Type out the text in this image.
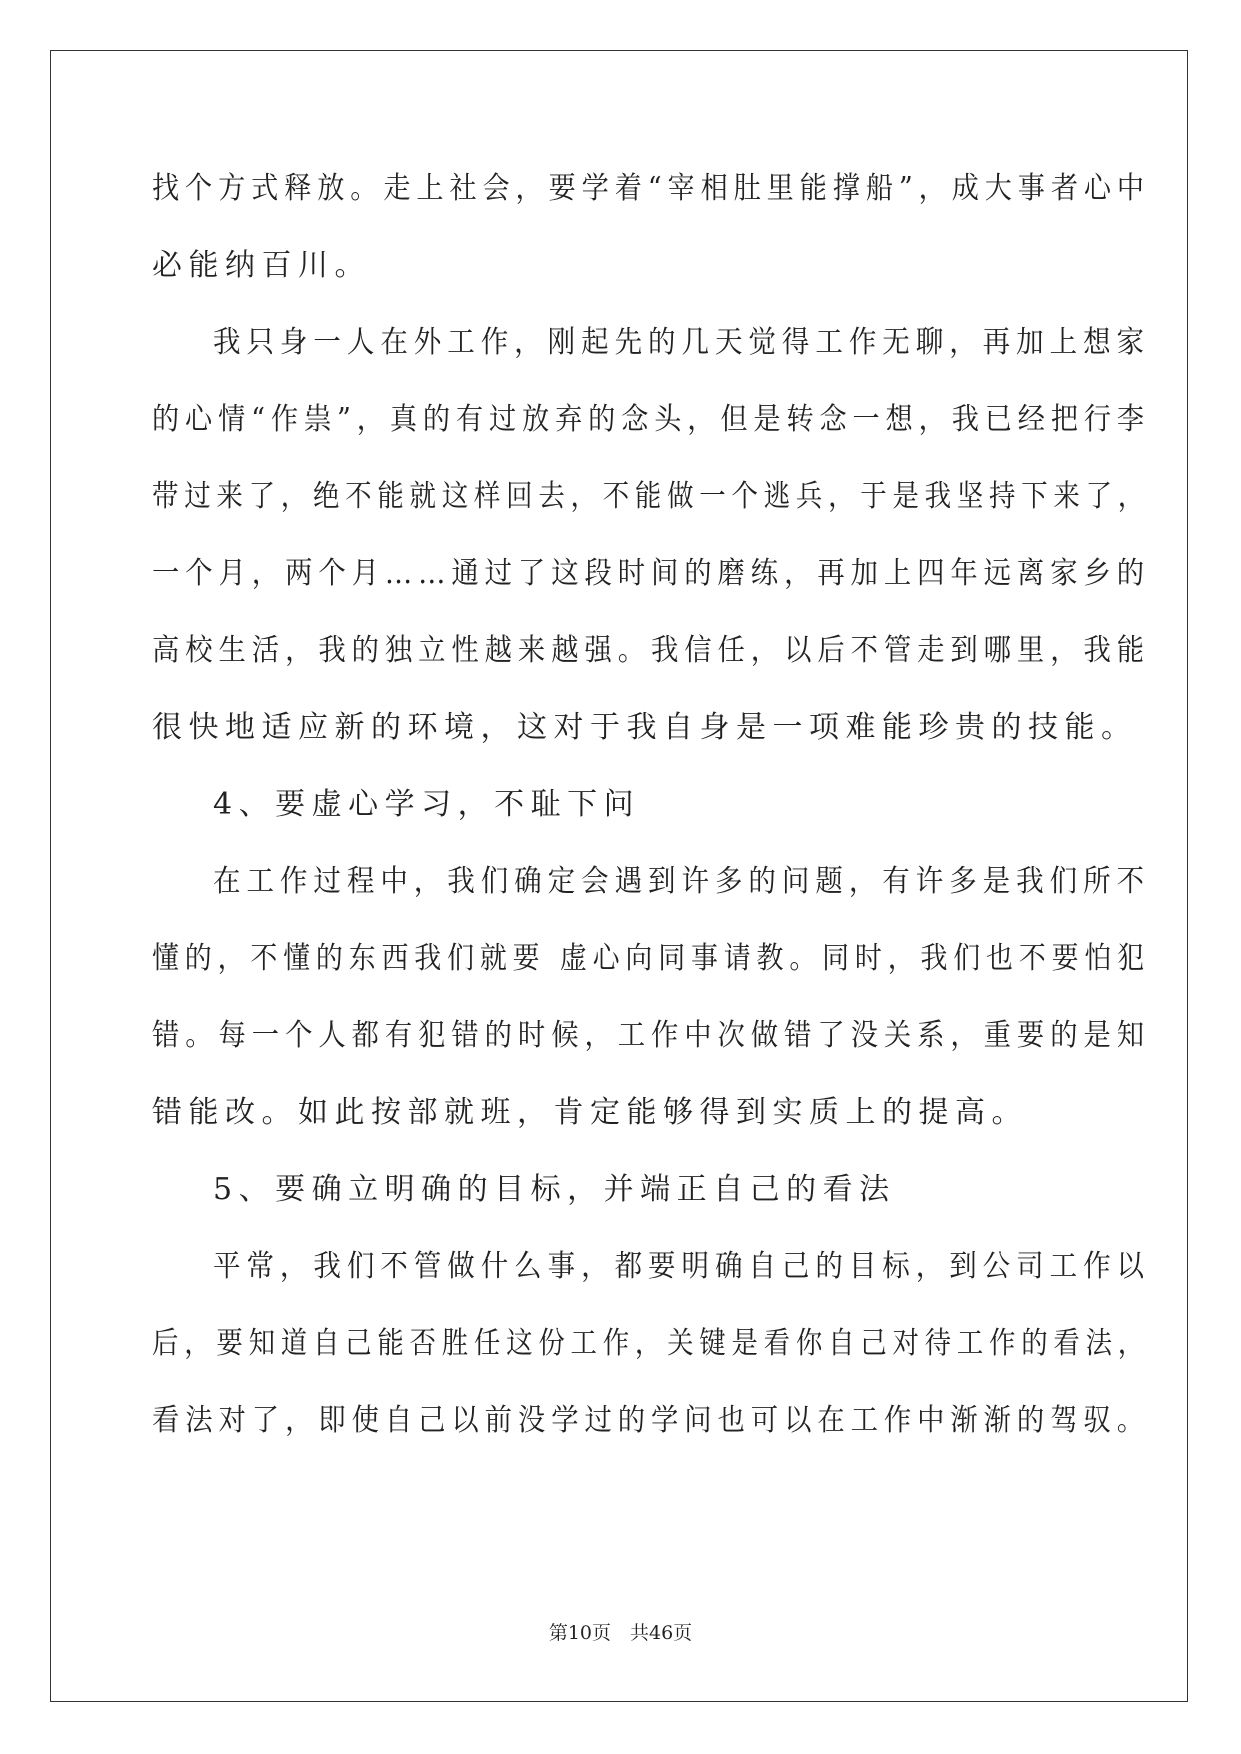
找个方式释放。走上社会，要学着“宰相肚里能撑船”，成大事者心中

必能纳百川。

我只身一人在外工作，刚起先的几天觉得工作无聊，再加上想家

的心情“作祟”，真的有过放弃的念头，但是转念一想，我已经把行李

带过来了，绝不能就这样回去，不能做一个逃兵，于是我坚持下来了，

一个月，两个月……通过了这段时间的磨练，再加上四年远离家乡的

高校生活，我的独立性越来越强。我信任，以后不管走到哪里，我能

很快地适应新的环境，这对于我自身是一项难能珍贵的技能。

4、要虚心学习，不耻下问

在工作过程中，我们确定会遇到许多的问题，有许多是我们所不

懂的，不懂的东西我们就要 虚心向同事请教。同时，我们也不要怕犯

错。每一个人都有犯错的时候，工作中次做错了没关系，重要的是知

错能改。如此按部就班，肯定能够得到实质上的提高。

5、要确立明确的目标，并端正自己的看法

平常，我们不管做什么事，都要明确自己的目标，到公司工作以

后，要知道自己能否胜任这份工作，关键是看你自己对待工作的看法，

看法对了，即使自己以前没学过的学问也可以在工作中渐渐的驾驭。

第10页　共46页
